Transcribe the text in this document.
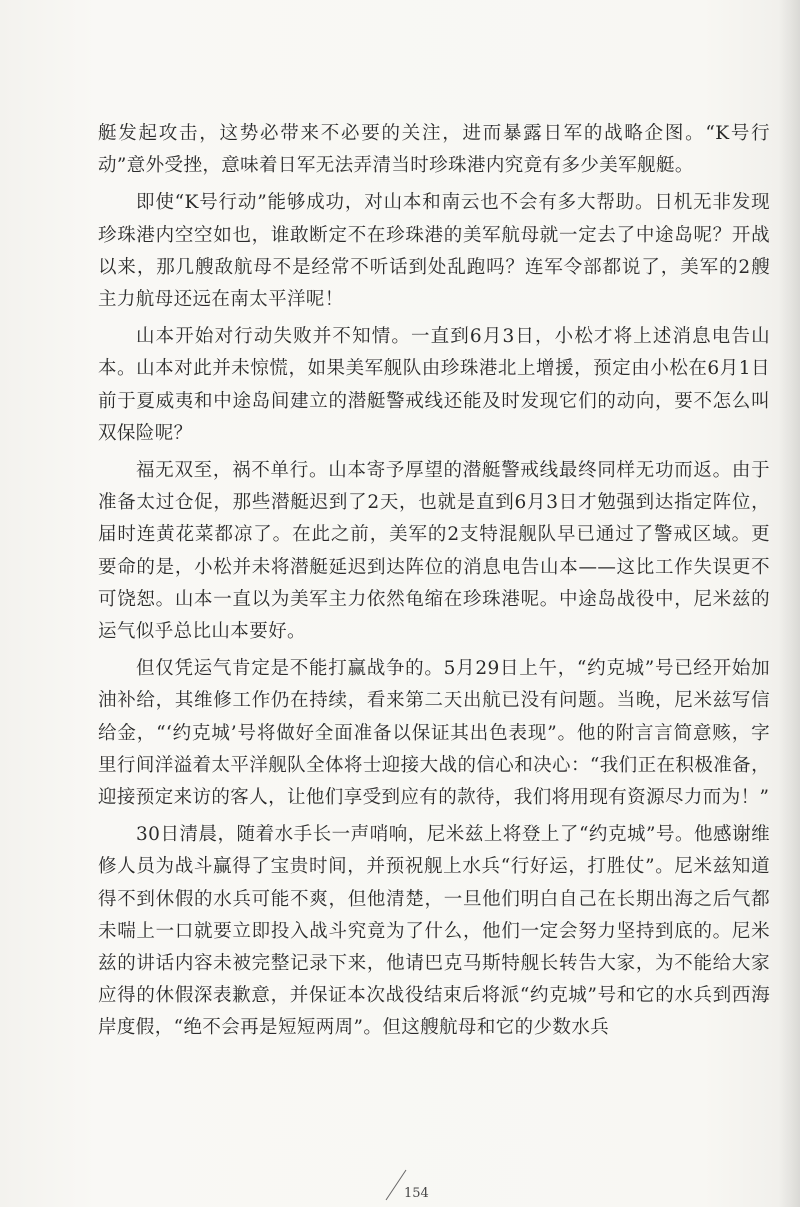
艇发起攻击，这势必带来不必要的关注，进而暴露日军的战略企图。“K号行动”意外受挫，意味着日军无法弄清当时珍珠港内究竟有多少美军舰艇。

即使“K号行动”能够成功，对山本和南云也不会有多大帮助。日机无非发现珍珠港内空空如也，谁敢断定不在珍珠港的美军航母就一定去了中途岛呢？开战以来，那几艘敌航母不是经常不听话到处乱跑吗？连军令部都说了，美军的2艘主力航母还远在南太平洋呢！

山本开始对行动失败并不知情。一直到6月3日，小松才将上述消息电告山本。山本对此并未惊慌，如果美军舰队由珍珠港北上增援，预定由小松在6月1日前于夏威夷和中途岛间建立的潜艇警戒线还能及时发现它们的动向，要不怎么叫双保险呢？

福无双至，祸不单行。山本寄予厚望的潜艇警戒线最终同样无功而返。由于准备太过仓促，那些潜艇迟到了2天，也就是直到6月3日才勉强到达指定阵位，届时连黄花菜都凉了。在此之前，美军的2支特混舰队早已通过了警戒区域。更要命的是，小松并未将潜艇延迟到达阵位的消息电告山本——这比工作失误更不可饶恕。山本一直以为美军主力依然龟缩在珍珠港呢。中途岛战役中，尼米兹的运气似乎总比山本要好。

但仅凭运气肯定是不能打赢战争的。5月29日上午，“约克城”号已经开始加油补给，其维修工作仍在持续，看来第二天出航已没有问题。当晚，尼米兹写信给金，“‘约克城’号将做好全面准备以保证其出色表现”。他的附言言简意赅，字里行间洋溢着太平洋舰队全体将士迎接大战的信心和决心：“我们正在积极准备，迎接预定来访的客人，让他们享受到应有的款待，我们将用现有资源尽力而为！”

30日清晨，随着水手长一声哨响，尼米兹上将登上了“约克城”号。他感谢维修人员为战斗赢得了宝贵时间，并预祝舰上水兵“行好运，打胜仗”。尼米兹知道得不到休假的水兵可能不爽，但他清楚，一旦他们明白自己在长期出海之后气都未喘上一口就要立即投入战斗究竟为了什么，他们一定会努力坚持到底的。尼米兹的讲话内容未被完整记录下来，他请巴克马斯特舰长转告大家，为不能给大家应得的休假深表歉意，并保证本次战役结束后将派“约克城”号和它的水兵到西海岸度假，“绝不会再是短短两周”。但这艘航母和它的少数水兵

154
